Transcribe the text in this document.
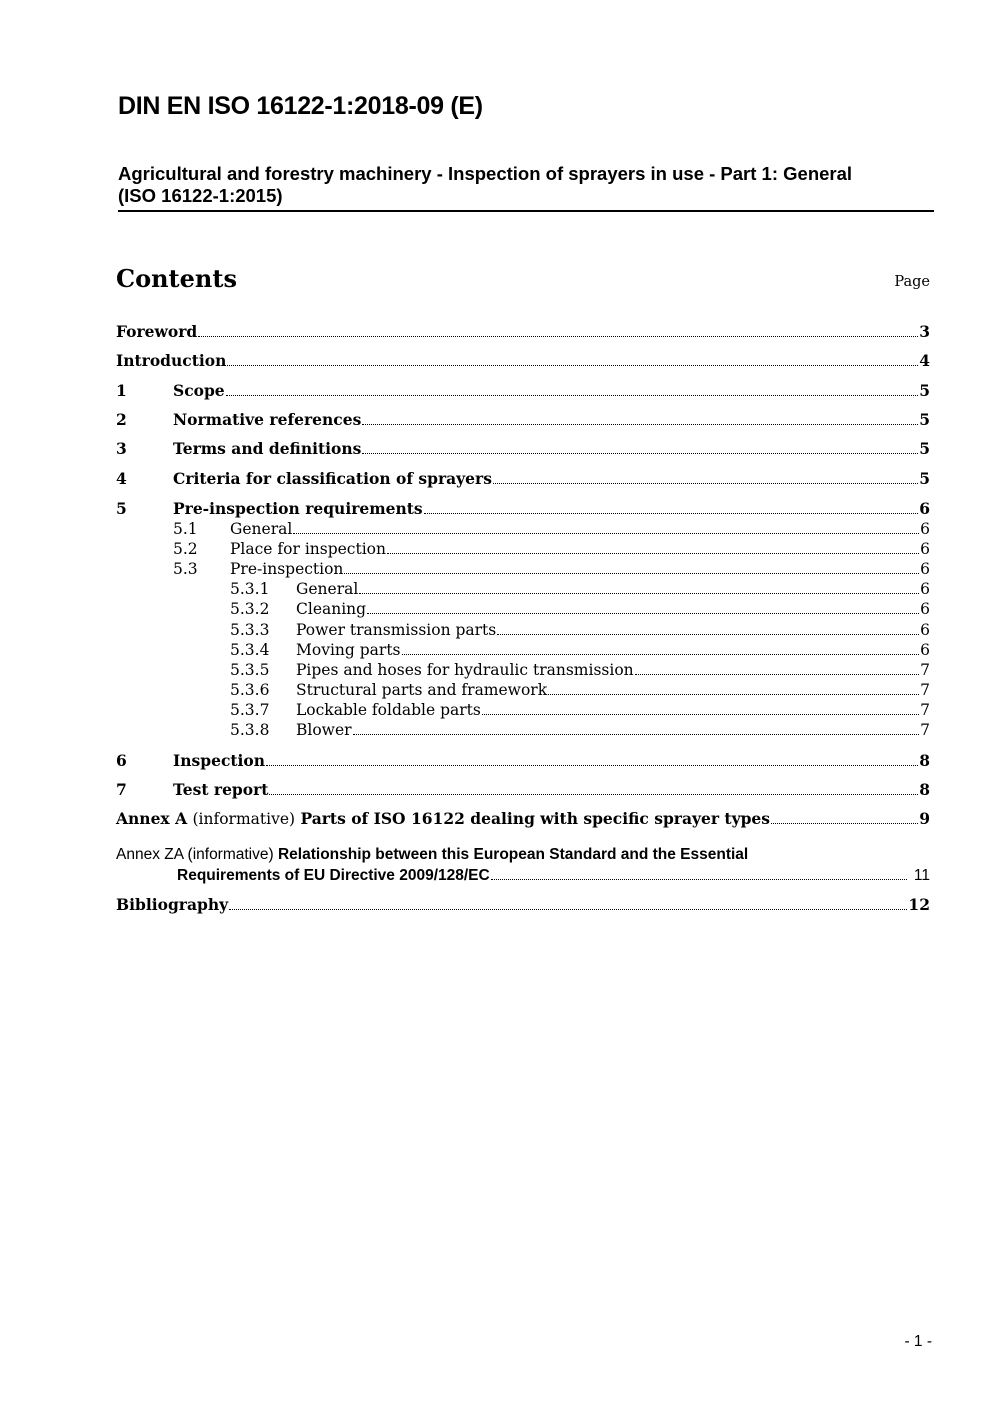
DIN EN ISO 16122-1:2018-09 (E)
Agricultural and forestry machinery - Inspection of sprayers in use - Part 1: General
(ISO 16122-1:2015)
Contents	Page
Foreword	3
Introduction	4
1	Scope	5
2	Normative references	5
3	Terms and definitions	5
4	Criteria for classification of sprayers	5
5	Pre-inspection requirements	6
5.1	General	6
5.2	Place for inspection	6
5.3	Pre-inspection	6
5.3.1	General	6
5.3.2	Cleaning	6
5.3.3	Power transmission parts	6
5.3.4	Moving parts	6
5.3.5	Pipes and hoses for hydraulic transmission	7
5.3.6	Structural parts and framework	7
5.3.7	Lockable foldable parts	7
5.3.8	Blower	7
6	Inspection	8
7	Test report	8
Annex A (informative) Parts of ISO 16122 dealing with specific sprayer types	9
Annex ZA (informative) Relationship between this European Standard and the Essential
Requirements of EU Directive 2009/128/EC	11
Bibliography	12
- 1 -
